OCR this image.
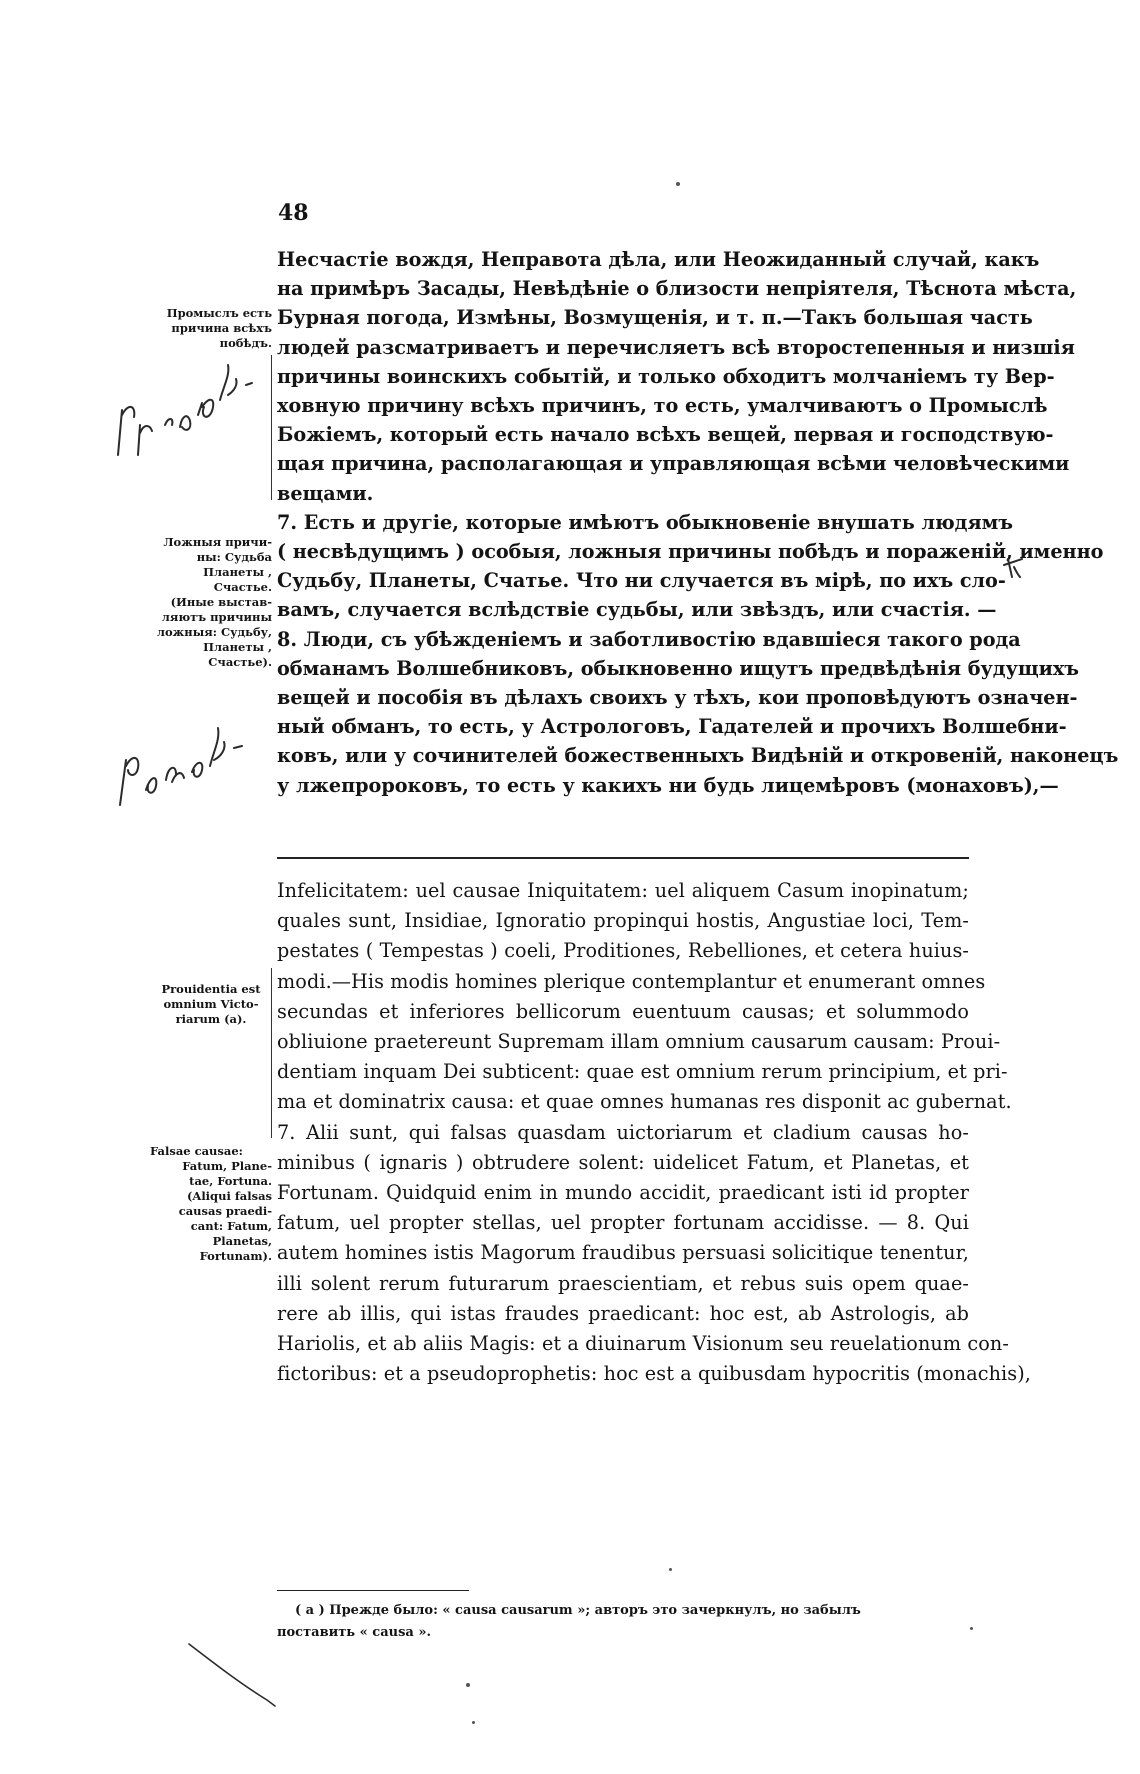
48
Несчастіе вождя, Неправота дѣла, или Неожиданный случай, какъ
на примѣръ Засады, Невѣдѣніе о близости непріятеля, Тѣснота мѣста,
Бурная погода, Измѣны, Возмущенія, и т. п.—Такъ большая часть
людей разсматриваетъ и перечисляетъ всѣ второстепенныя и низшія
причины воинскихъ событій, и только обходитъ молчаніемъ ту Вер-
ховную причину всѣхъ причинъ, то есть, умалчиваютъ о Промыслѣ
Божіемъ, который есть начало всѣхъ вещей, первая и господствую-
щая причина, располагающая и управляющая всѣми человѣческими
вещами.
7. Есть и другіе, которые имѣютъ обыкновеніе внушать людямъ
( несвѣдущимъ ) особыя, ложныя причины побѣдъ и пораженій, именно
Судьбу, Планеты, Счатье. Что ни случается въ мірѣ, по ихъ сло-
вамъ, случается вслѣдствіе судьбы, или звѣздъ, или счастія. —
8. Люди, съ убѣжденіемъ и заботливостію вдавшіеся такого рода
обманамъ Волшебниковъ, обыкновенно ищутъ предвѣдѣнія будущихъ
вещей и пособія въ дѣлахъ своихъ у тѣхъ, кои проповѣдуютъ означен-
ный обманъ, то есть, у Астрологовъ, Гадателей и прочихъ Волшебни-
ковъ, или у сочинителей божественныхъ Видѣній и откровеній, наконецъ
у лжепророковъ, то есть у какихъ ни будь лицемѣровъ (монаховъ),—
Infelicitatem: uel causae Iniquitatem: uel aliquem Casum inopinatum;
quales sunt, Insidiae, Ignoratio propinqui hostis, Angustiae loci, Tem-
pestates ( Tempestas ) coeli, Proditiones, Rebelliones, et cetera huius-
modi.—His modis homines plerique contemplantur et enumerant omnes
secundas et inferiores bellicorum euentuum causas; et solummodo
obliuione praetereunt Supremam illam omnium causarum causam: Proui-
dentiam inquam Dei subticent: quae est omnium rerum principium, et pri-
ma et dominatrix causa: et quae omnes humanas res disponit ac gubernat.
7. Alii sunt, qui falsas quasdam uictoriarum et cladium causas ho-
minibus ( ignaris ) obtrudere solent: uidelicet Fatum, et Planetas, et
Fortunam. Quidquid enim in mundo accidit, praedicant isti id propter
fatum, uel propter stellas, uel propter fortunam accidisse. — 8. Qui
autem homines istis Magorum fraudibus persuasi solicitique tenentur,
illi solent rerum futurarum praescientiam, et rebus suis opem quae-
rere ab illis, qui istas fraudes praedicant: hoc est, ab Astrologis, ab
Hariolis, et ab aliis Magis: et a diuinarum Visionum seu reuelationum con-
fictoribus: et a pseudoprophetis: hoc est a quibusdam hypocritis (monachis),
Промыслъ есть
причина всѣхъ
побѣдъ.
Ложныя причи-
ны: Судьба
Планеты ,
Счастье.
(Иные выстав-
ляютъ причины
ложныя: Судьбу,
Планеты ,
Счастье).
Prouidentia est
omnium Victo-
riarum (a).
Falsae causae:
Fatum, Plane-
tae, Fortuna.
(Aliqui falsas
causas praedi-
cant: Fatum,
Planetas,
Fortunam).
( a ) Прежде было: « causa causarum »; авторъ это зачеркнулъ, но забылъ
поставить « causa ».
